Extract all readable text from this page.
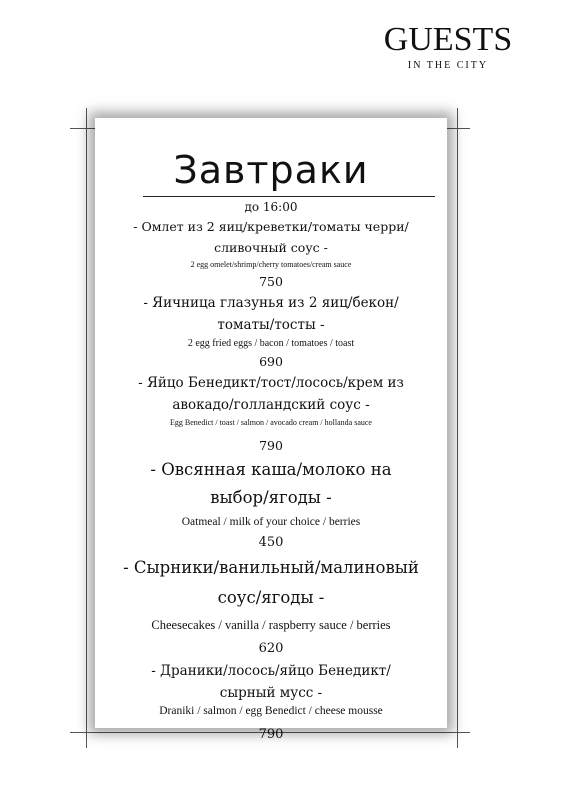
GUESTS
IN THE CITY
Завтраки
до 16:00
- Омлет из 2 яиц/креветки/томаты черри/
сливочный соус -
2 egg omelet/shrimp/cherry tomatoes/cream sauce
750
- Яичница глазунья из 2 яиц/бекон/
томаты/тосты -
2 egg fried eggs / bacon / tomatoes / toast
690
- Яйцо Бенедикт/тост/лосось/крем из
авокадо/голландский соус -
Egg Benedict / toast / salmon / avocado cream / hollanda sauce
790
- Овсянная каша/молоко на
выбор/ягоды -
Oatmeal / milk of your choice / berries
450
- Сырники/ванильный/малиновый
соус/ягоды -
Cheesecakes / vanilla / raspberry sauce / berries
620
- Драники/лосось/яйцо Бенедикт/
сырный мусс -
Draniki / salmon / egg Benedict / cheese mousse
790
